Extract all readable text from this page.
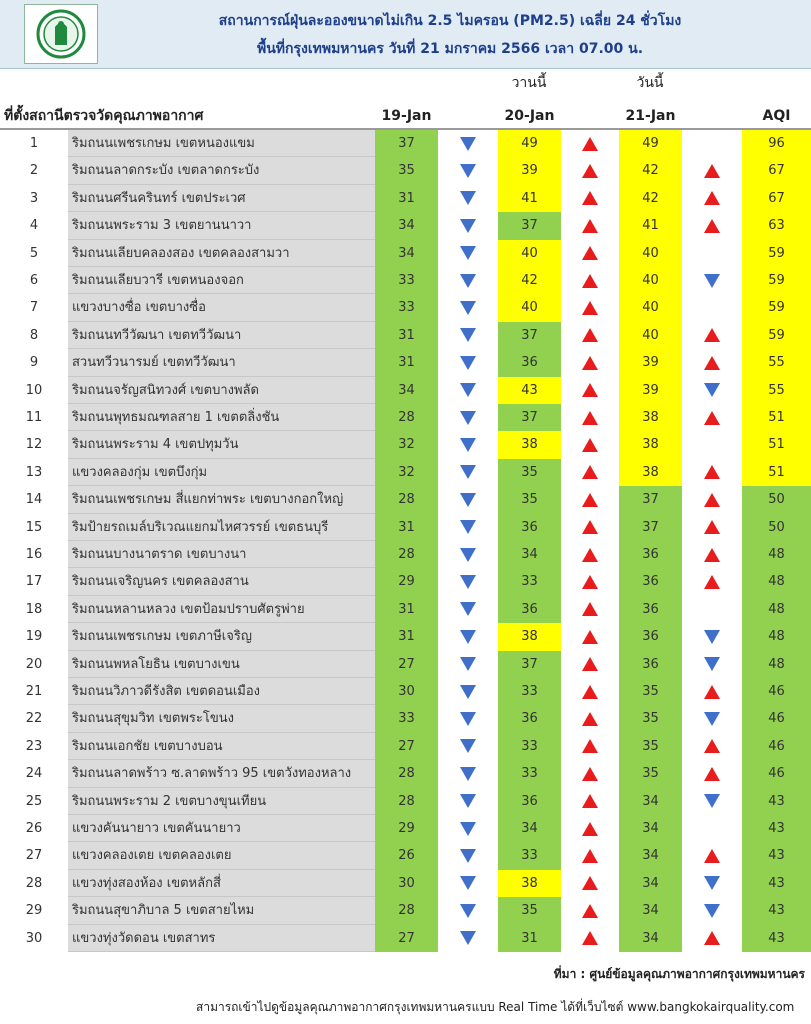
สถานการณ์ฝุ่นละอองขนาดไม่เกิน 2.5 ไมครอน (PM2.5) เฉลี่ย 24 ชั่วโมง
พื้นที่กรุงเทพมหานคร วันที่ 21 มกราคม 2566 เวลา 07.00 น.
วานนี้	วันนี้
ที่ตั้งสถานีตรวจวัดคุณภาพอากาศ	19-Jan	20-Jan	21-Jan	AQI
1	ริมถนนเพชรเกษม เขตหนองแขม	37	49	49	96
2	ริมถนนลาดกระบัง เขตลาดกระบัง	35	39	42	67
3	ริมถนนศรีนครินทร์ เขตประเวศ	31	41	42	67
4	ริมถนนพระราม 3 เขตยานนาวา	34	37	41	63
5	ริมถนนเลียบคลองสอง เขตคลองสามวา	34	40	40	59
6	ริมถนนเลียบวารี เขตหนองจอก	33	42	40	59
7	แขวงบางซื่อ เขตบางซื่อ	33	40	40	59
8	ริมถนนทวีวัฒนา เขตทวีวัฒนา	31	37	40	59
9	สวนทวีวนารมย์ เขตทวีวัฒนา	31	36	39	55
10	ริมถนนจรัญสนิทวงศ์ เขตบางพลัด	34	43	39	55
11	ริมถนนพุทธมณฑลสาย 1 เขตตลิ่งชัน	28	37	38	51
12	ริมถนนพระราม 4 เขตปทุมวัน	32	38	38	51
13	แขวงคลองกุ่ม เขตบึงกุ่ม	32	35	38	51
14	ริมถนนเพชรเกษม สี่แยกท่าพระ เขตบางกอกใหญ่	28	35	37	50
15	ริมป้ายรถเมล์บริเวณแยกมไหศวรรย์ เขตธนบุรี	31	36	37	50
16	ริมถนนบางนาตราด เขตบางนา	28	34	36	48
17	ริมถนนเจริญนคร เขตคลองสาน	29	33	36	48
18	ริมถนนหลานหลวง เขตป้อมปราบศัตรูพ่าย	31	36	36	48
19	ริมถนนเพชรเกษม เขตภาษีเจริญ	31	38	36	48
20	ริมถนนพหลโยธิน เขตบางเขน	27	37	36	48
21	ริมถนนวิภาวดีรังสิต เขตดอนเมือง	30	33	35	46
22	ริมถนนสุขุมวิท เขตพระโขนง	33	36	35	46
23	ริมถนนเอกชัย เขตบางบอน	27	33	35	46
24	ริมถนนลาดพร้าว ซ.ลาดพร้าว 95 เขตวังทองหลาง	28	33	35	46
25	ริมถนนพระราม 2 เขตบางขุนเทียน	28	36	34	43
26	แขวงคันนายาว เขตคันนายาว	29	34	34	43
27	แขวงคลองเตย เขตคลองเตย	26	33	34	43
28	แขวงทุ่งสองห้อง เขตหลักสี่	30	38	34	43
29	ริมถนนสุขาภิบาล 5 เขตสายไหม	28	35	34	43
30	แขวงทุ่งวัดดอน เขตสาทร	27	31	34	43
ที่มา : ศูนย์ข้อมูลคุณภาพอากาศกรุงเทพมหานคร
สามารถเข้าไปดูข้อมูลคุณภาพอากาศกรุงเทพมหานครแบบ Real Time ได้ที่เว็บไซต์ www.bangkokairquality.com
